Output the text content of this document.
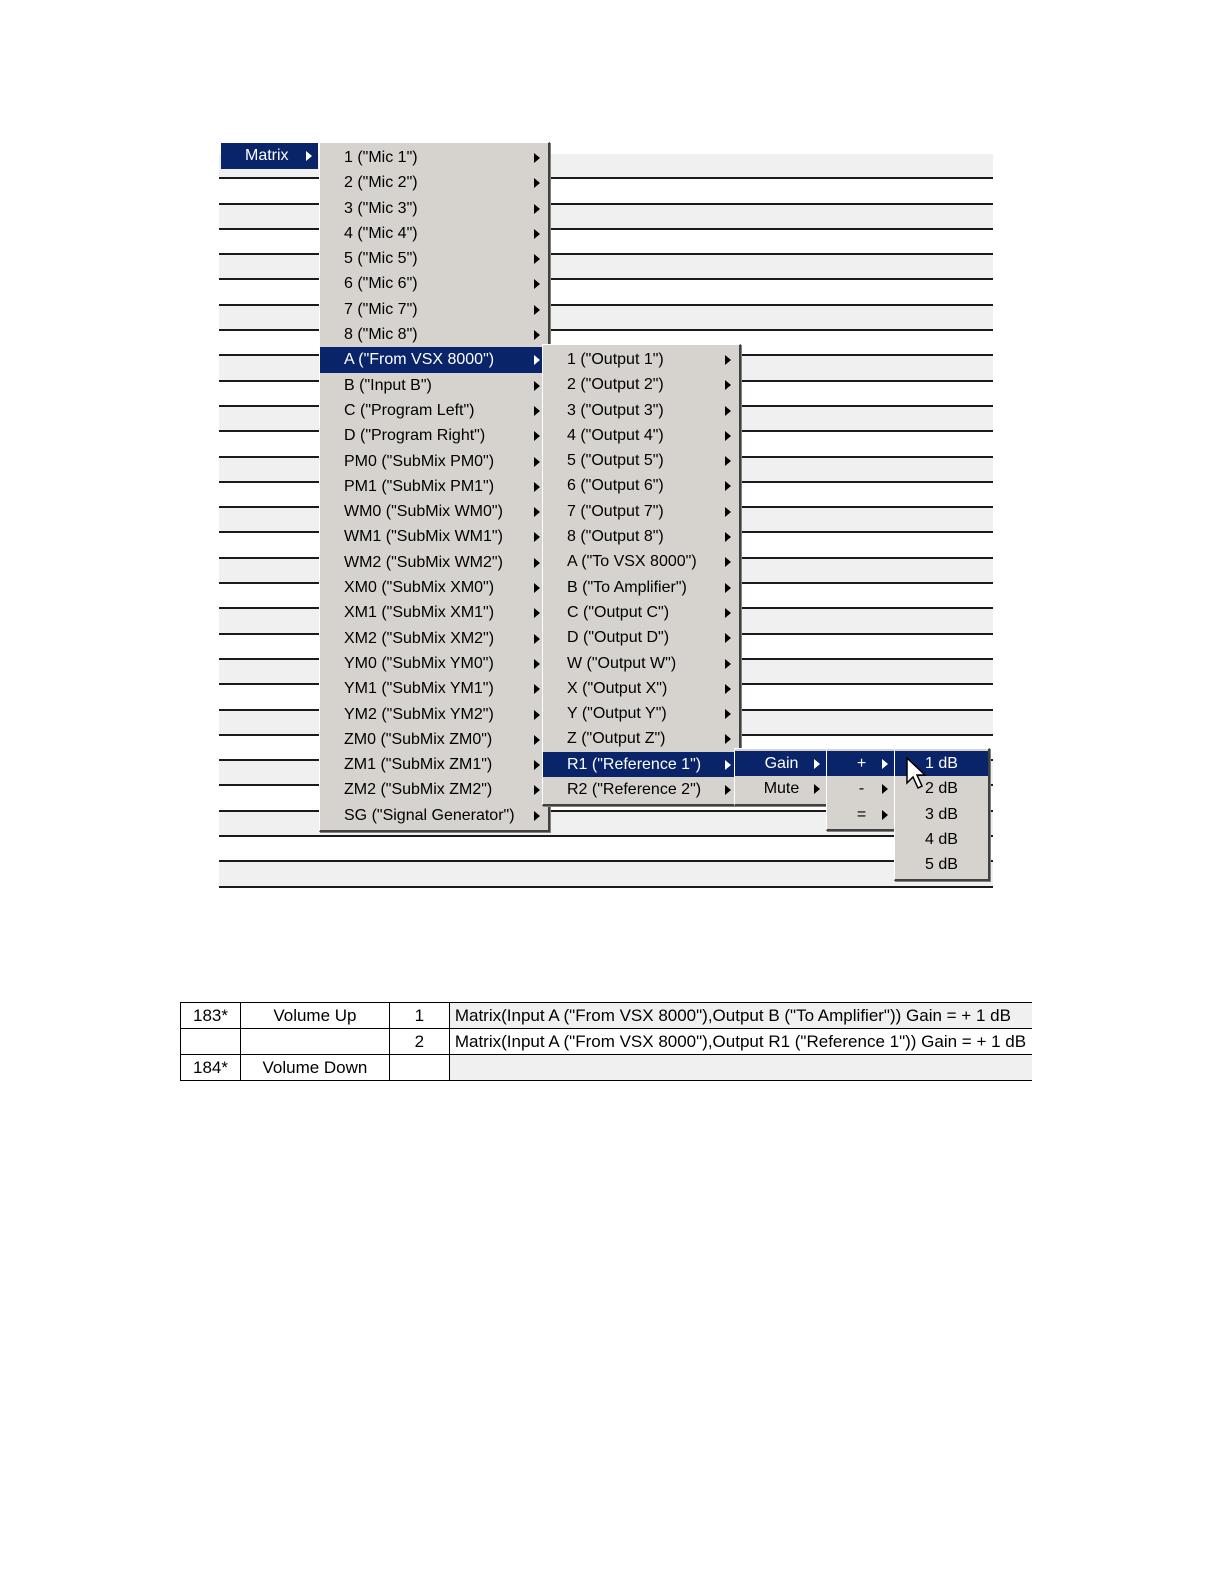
Matrix	1 ("Mic 1")
2 ("Mic 2")
3 ("Mic 3")
4 ("Mic 4")
5 ("Mic 5")
6 ("Mic 6")
7 ("Mic 7")
8 ("Mic 8")
A ("From VSX 8000")
B ("Input B")
C ("Program Left")
D ("Program Right")
PM0 ("SubMix PM0")
PM1 ("SubMix PM1")
WM0 ("SubMix WM0")
WM1 ("SubMix WM1")
WM2 ("SubMix WM2")
XM0 ("SubMix XM0")
XM1 ("SubMix XM1")
XM2 ("SubMix XM2")
YM0 ("SubMix YM0")
YM1 ("SubMix YM1")
YM2 ("SubMix YM2")
ZM0 ("SubMix ZM0")
ZM1 ("SubMix ZM1")
ZM2 ("SubMix ZM2")
SG ("Signal Generator")
1 ("Output 1")
2 ("Output 2")
3 ("Output 3")
4 ("Output 4")
5 ("Output 5")
6 ("Output 6")
7 ("Output 7")
8 ("Output 8")
A ("To VSX 8000")
B ("To Amplifier")
C ("Output C")
D ("Output D")
W ("Output W")
X ("Output X")
Y ("Output Y")
Z ("Output Z")
R1 ("Reference 1")
R2 ("Reference 2")
Gain
Mute
+
-
=
1 dB
2 dB
3 dB
4 dB
5 dB
183*	Volume Up	1	Matrix(Input A ("From VSX 8000"),Output B ("To Amplifier")) Gain = + 1 dB
		2	Matrix(Input A ("From VSX 8000"),Output R1 ("Reference 1")) Gain = + 1 dB
184*	Volume Down		
